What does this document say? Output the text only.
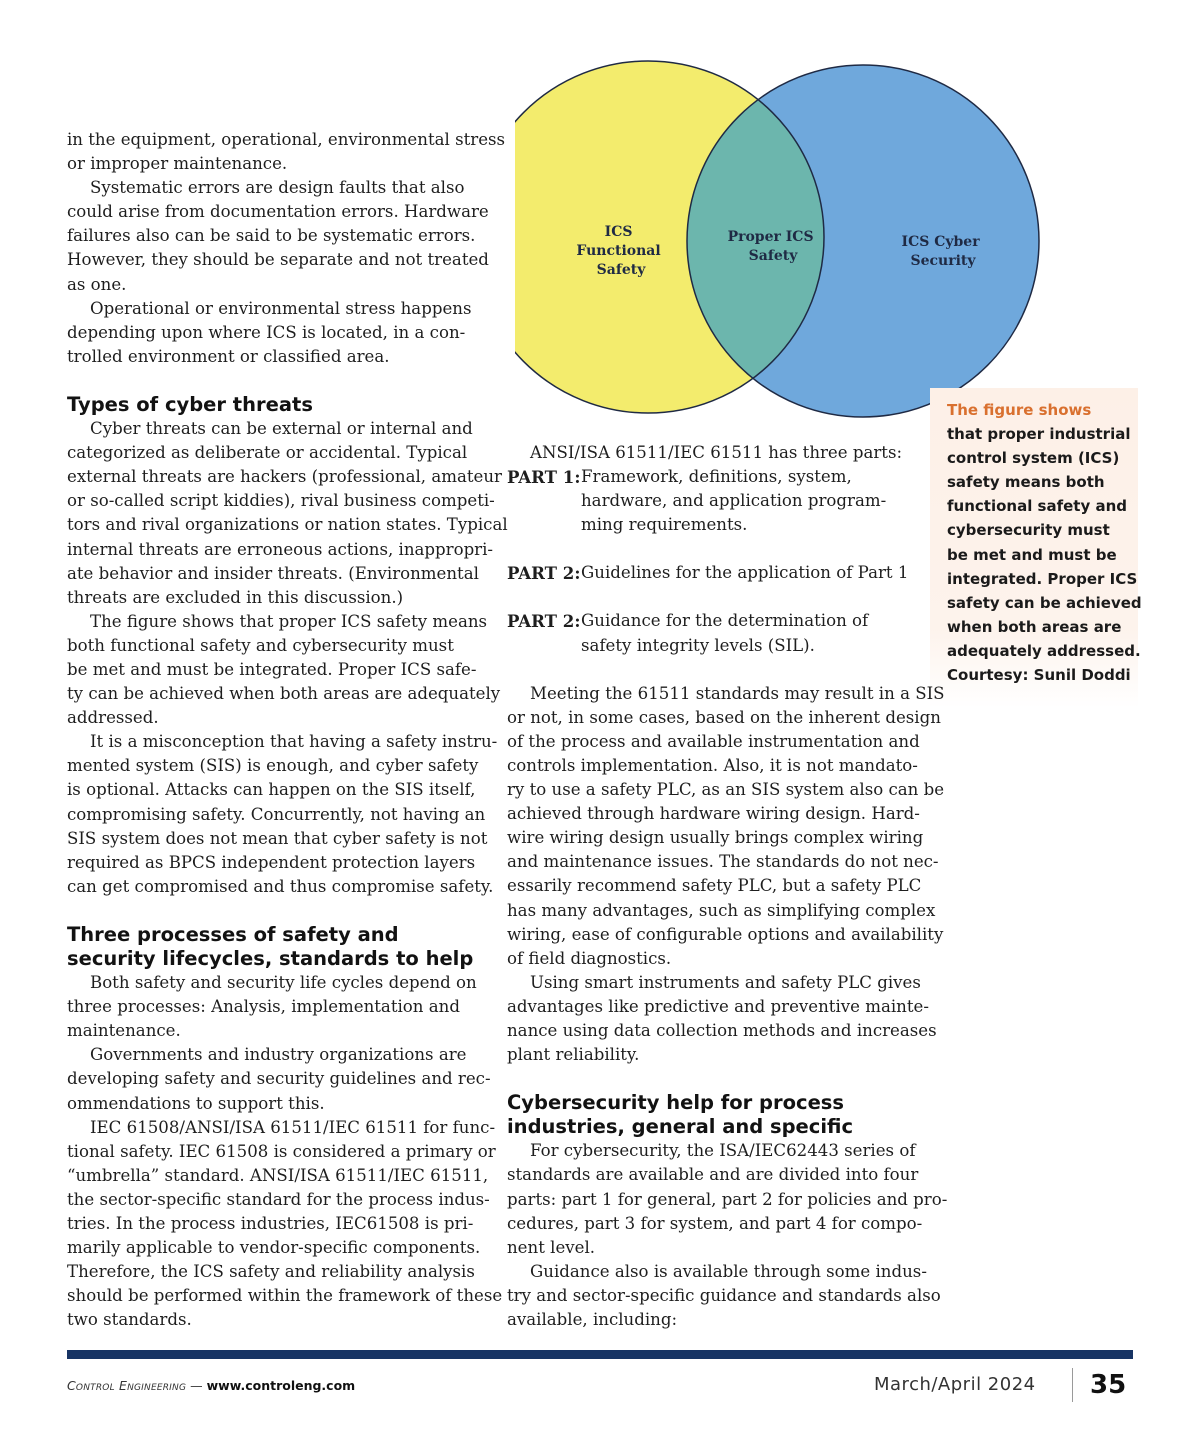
in the equipment, operational, environmental stress

or improper maintenance.

Systematic errors are design faults that also

could arise from documentation errors. Hardware

failures also can be said to be systematic errors.

However, they should be separate and not treated

as one.

Operational or environmental stress happens

depending upon where ICS is located, in a con-

trolled environment or classified area.

Types of cyber threats

Cyber threats can be external or internal and

categorized as deliberate or accidental. Typical

external threats are hackers (professional, amateur

or so-called script kiddies), rival business competi-

tors and rival organizations or nation states. Typical

internal threats are erroneous actions, inappropri-

ate behavior and insider threats. (Environmental

threats are excluded in this discussion.)

The figure shows that proper ICS safety means

both functional safety and cybersecurity must

be met and must be integrated. Proper ICS safe-

ty can be achieved when both areas are adequately

addressed.

It is a misconception that having a safety instru-

mented system (SIS) is enough, and cyber safety

is optional. Attacks can happen on the SIS itself,

compromising safety. Concurrently, not having an

SIS system does not mean that cyber safety is not

required as BPCS independent protection layers

can get compromised and thus compromise safety.

Three processes of safety and
security lifecycles, standards to help

Both safety and security life cycles depend on

three processes: Analysis, implementation and

maintenance.

Governments and industry organizations are

developing safety and security guidelines and rec-

ommendations to support this.

IEC 61508/ANSI/ISA 61511/IEC 61511 for func-

tional safety. IEC 61508 is considered a primary or

“umbrella” standard. ANSI/ISA 61511/IEC 61511,

the sector-specific standard for the process indus-

tries. In the process industries, IEC61508 is pri-

marily applicable to vendor-specific components.

Therefore, the ICS safety and reliability analysis

should be performed within the framework of these

two standards.

ICS Functional Safety
Proper ICS Safety
ICS Cyber Security

The figure shows

that proper industrial

control system (ICS)

safety means both

functional safety and

cybersecurity must

be met and must be

integrated. Proper ICS

safety can be achieved

when both areas are

adequately addressed.

Courtesy: Sunil Doddi

ANSI/ISA 61511/IEC 61511 has three parts:

PART 1: Framework, definitions, system,

hardware, and application program-

ming requirements.

PART 2: Guidelines for the application of Part 1

PART 2: Guidance for the determination of

safety integrity levels (SIL).

Meeting the 61511 standards may result in a SIS

or not, in some cases, based on the inherent design

of the process and available instrumentation and

controls implementation. Also, it is not mandato-

ry to use a safety PLC, as an SIS system also can be

achieved through hardware wiring design. Hard-

wire wiring design usually brings complex wiring

and maintenance issues. The standards do not nec-

essarily recommend safety PLC, but a safety PLC

has many advantages, such as simplifying complex

wiring, ease of configurable options and availability

of field diagnostics.

Using smart instruments and safety PLC gives

advantages like predictive and preventive mainte-

nance using data collection methods and increases

plant reliability.

Cybersecurity help for process
industries, general and specific

For cybersecurity, the ISA/IEC62443 series of

standards are available and are divided into four

parts: part 1 for general, part 2 for policies and pro-

cedures, part 3 for system, and part 4 for compo-

nent level.

Guidance also is available through some indus-

try and sector-specific guidance and standards also

available, including:

Control Engineering — www.controleng.com	March/April 2024 35
